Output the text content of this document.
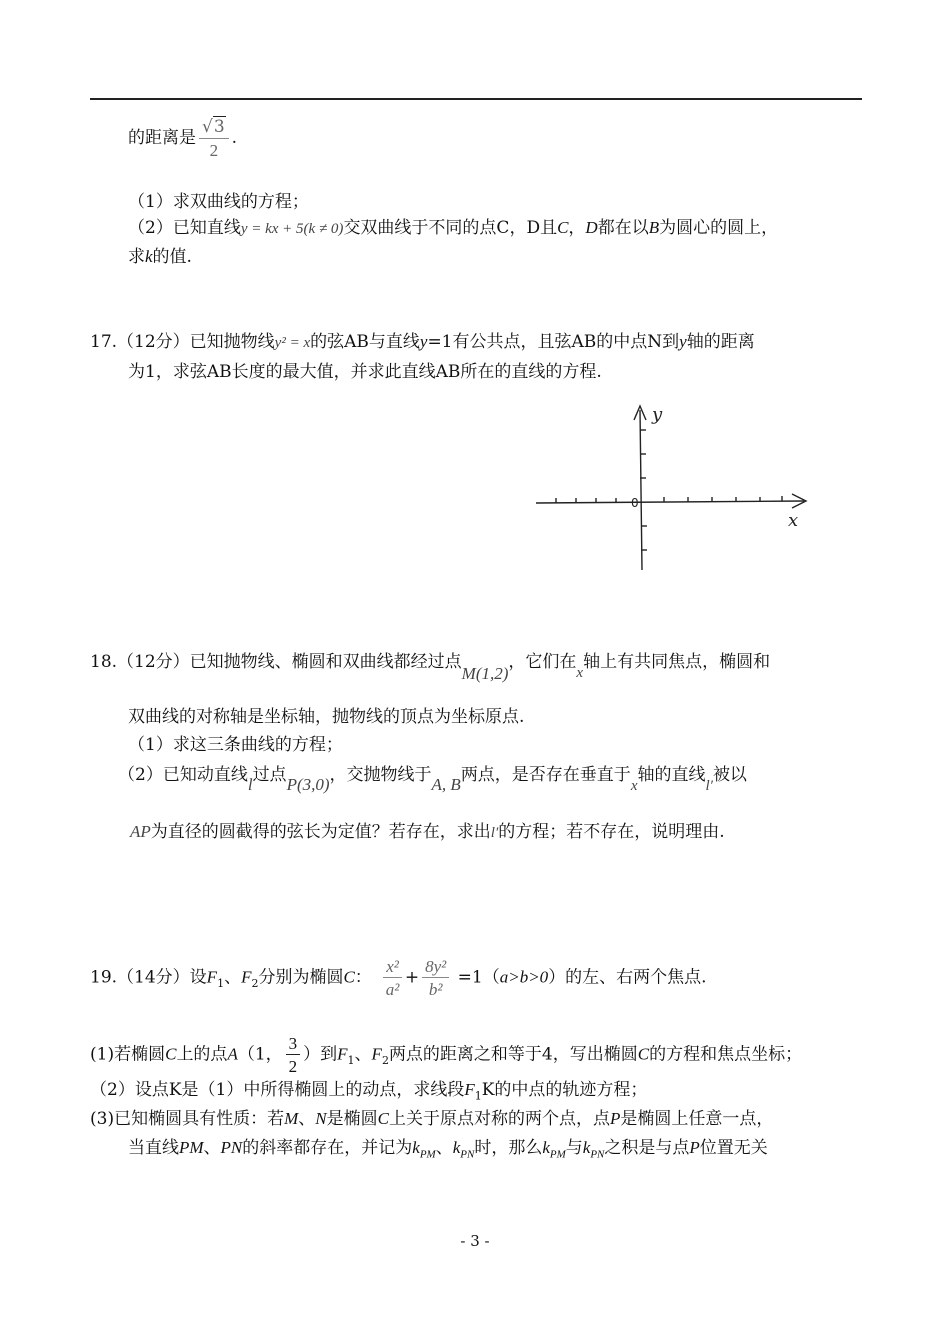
的距离是 $\frac{√3}{2}$ .
（1）求双曲线的方程；
（2）已知直线y = kx + 5(k ≠ 0)交双曲线于不同的点C，D且C，D都在以B为圆心的圆上，
求k的值.
17.（12分）已知抛物线y² = x的弦AB与直线y=1有公共点，且弦AB的中点N到y轴的距离
为1，求弦AB长度的最大值，并求此直线AB所在的直线的方程.
y
x
0
18.（12分）已知抛物线、椭圆和双曲线都经过点M(1,2)，它们在x轴上有共同焦点，椭圆和
双曲线的对称轴是坐标轴，抛物线的顶点为坐标原点.
（1）求这三条曲线的方程；
（2）已知动直线l过点P(3,0)，交抛物线于A, B两点，是否存在垂直于x轴的直线l′被以
AP为直径的圆截得的弦长为定值？若存在，求出l′的方程；若不存在，说明理由.
19.（14分）设$F_1$、$F_2$分别为椭圆C： $\frac{\text{x²}}{\text{a²}} + \frac{\text{8y²}}{\text{b²}} =1(a>b>0)$的左、右两个焦点.
(1)若椭圆C上的点A（1， $\frac{3}{2}$ ）到$F_1$、$F_2$两点的距离之和等于4，写出椭圆C的方程和焦点坐标；
（2）设点K是（1）中所得椭圆上的动点，求线段$F_1K$的中点的轨迹方程；
(3)已知椭圆具有性质：若M、N是椭圆C上关于原点对称的两个点，点P是椭圆上任意一点，
当直线PM、PN的斜率都存在，并记为$k_{PM}$、$k_{PN}$时，那么$k_{PM}$与$k_{PN}$之积是与点P位置无关
- 3 -
